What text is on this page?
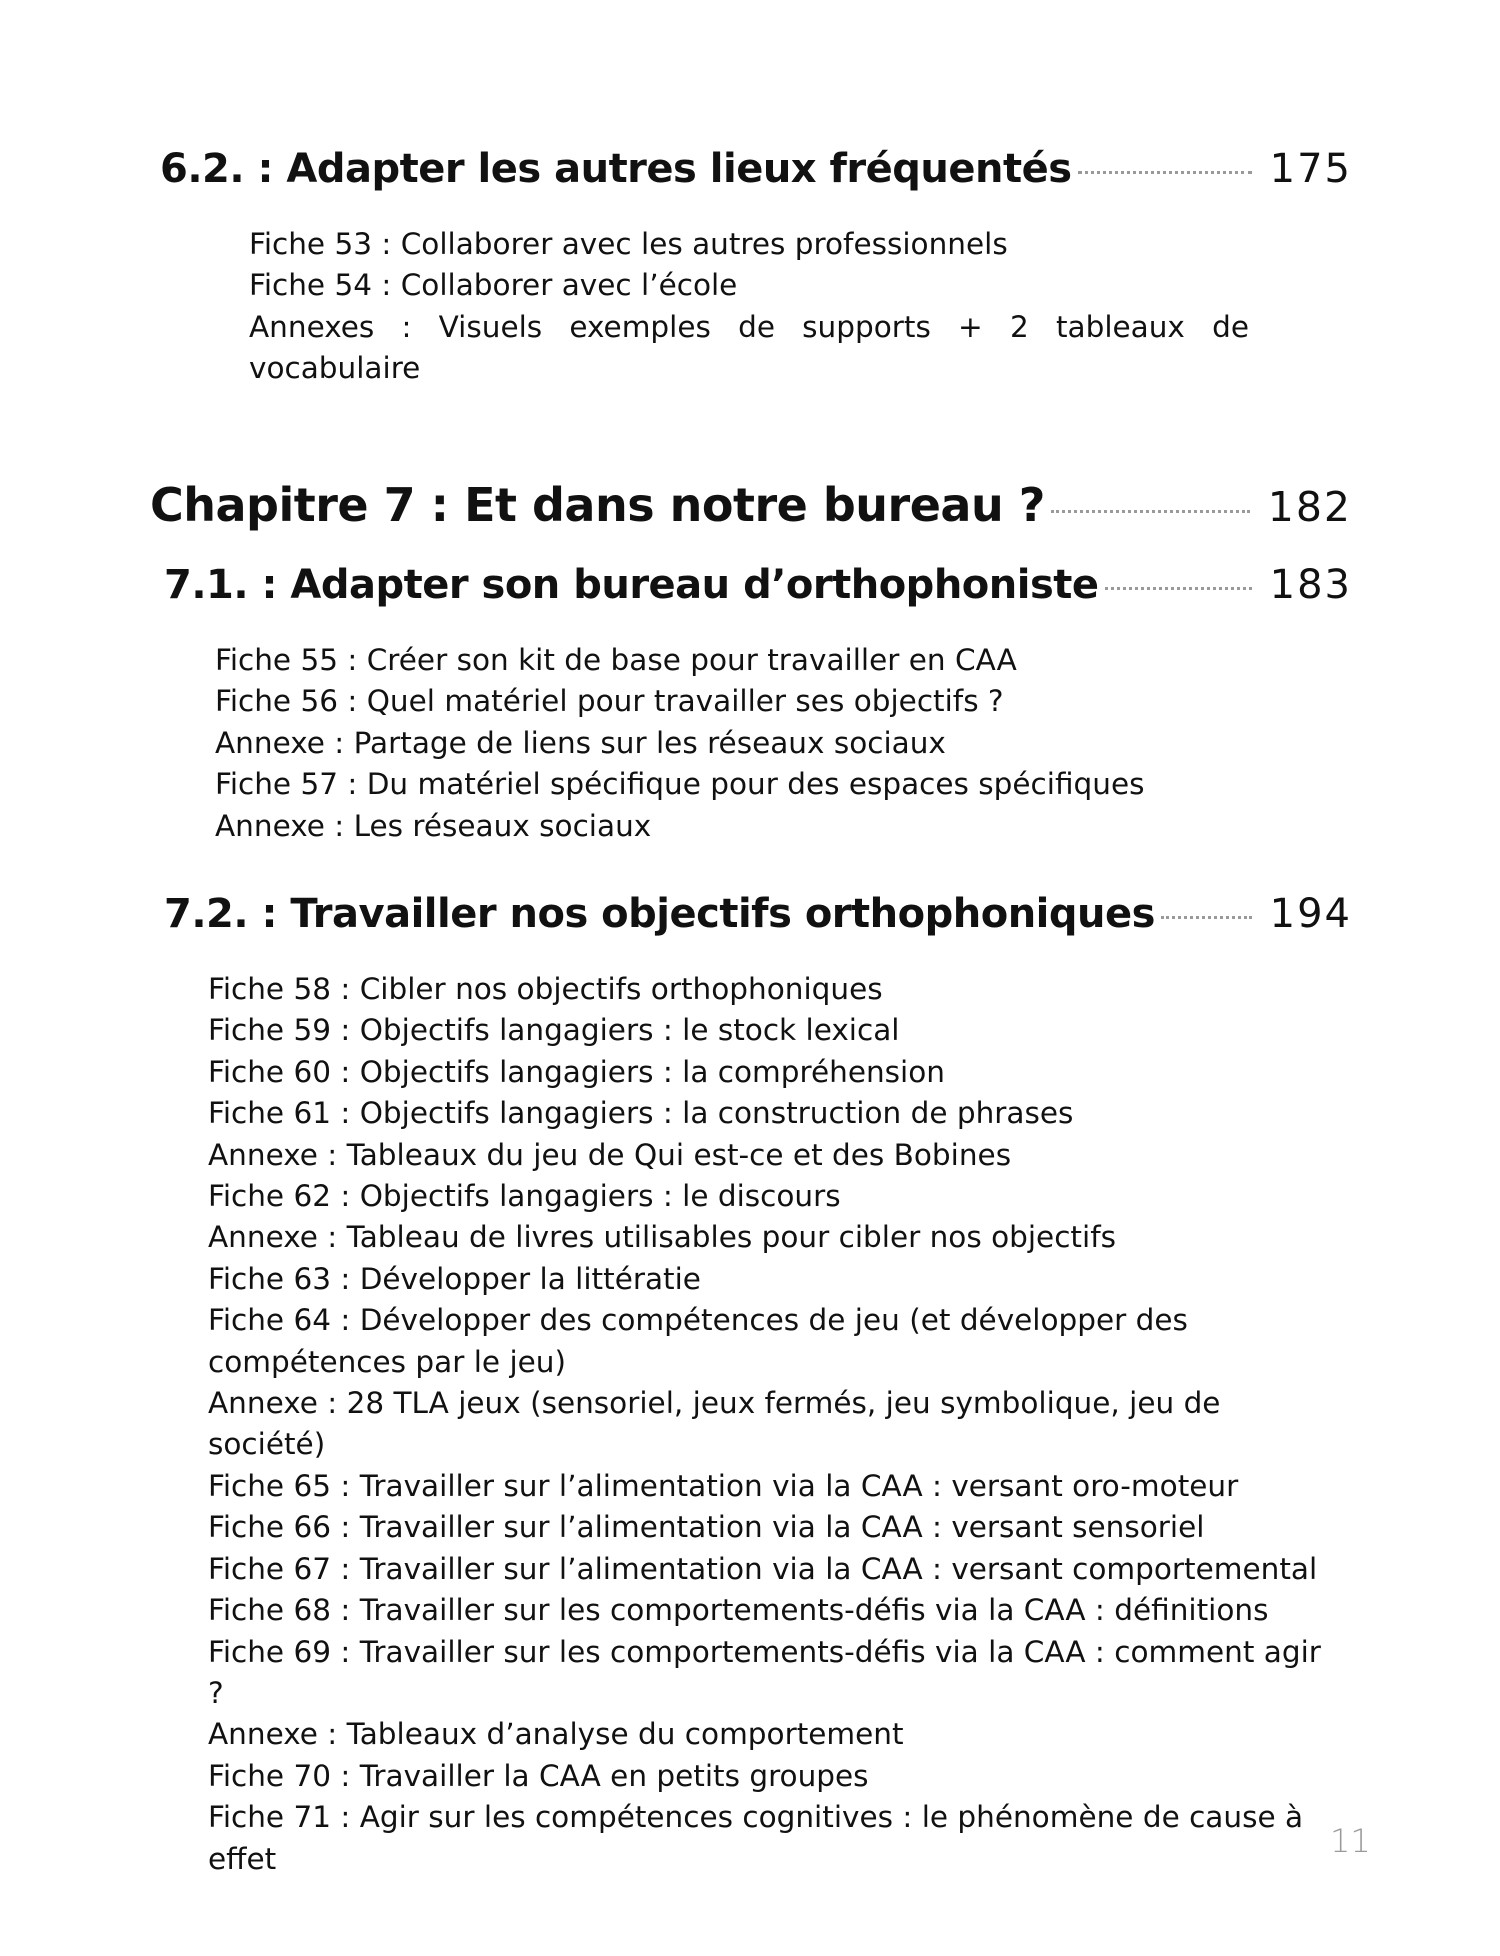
6.2. : Adapter les autres lieux fréquentés	175
Fiche 53 : Collaborer avec les autres professionnels
Fiche 54 : Collaborer avec l’école
Annexes : Visuels exemples de supports + 2 tableaux de vocabulaire
Chapitre 7 : Et dans notre bureau ?	182
7.1. : Adapter son bureau d’orthophoniste	183
Fiche 55 : Créer son kit de base pour travailler en CAA
Fiche 56 : Quel matériel pour travailler ses objectifs ?
Annexe : Partage de liens sur les réseaux sociaux
Fiche 57 : Du matériel spécifique pour des espaces spécifiques
Annexe : Les réseaux sociaux
7.2. : Travailler nos objectifs orthophoniques	194
Fiche 58 : Cibler nos objectifs orthophoniques
Fiche 59 : Objectifs langagiers : le stock lexical
Fiche 60 : Objectifs langagiers : la compréhension
Fiche 61 : Objectifs langagiers : la construction de phrases
Annexe : Tableaux du jeu de Qui est-ce et des Bobines
Fiche 62 : Objectifs langagiers : le discours
Annexe : Tableau de livres utilisables pour cibler nos objectifs
Fiche 63 : Développer la littératie
Fiche 64 : Développer des compétences de jeu (et développer des compétences par le jeu)
Annexe : 28 TLA jeux (sensoriel, jeux fermés, jeu symbolique, jeu de société)
Fiche 65 : Travailler sur l’alimentation via la CAA : versant oro-moteur
Fiche 66 : Travailler sur l’alimentation via la CAA : versant sensoriel
Fiche 67 : Travailler sur l’alimentation via la CAA : versant comportemental
Fiche 68 : Travailler sur les comportements-défis via la CAA : définitions
Fiche 69 : Travailler sur les comportements-défis via la CAA : comment agir ?
Annexe : Tableaux d’analyse du comportement
Fiche 70 : Travailler la CAA en petits groupes
Fiche 71 : Agir sur les compétences cognitives : le phénomène de cause à effet	11
